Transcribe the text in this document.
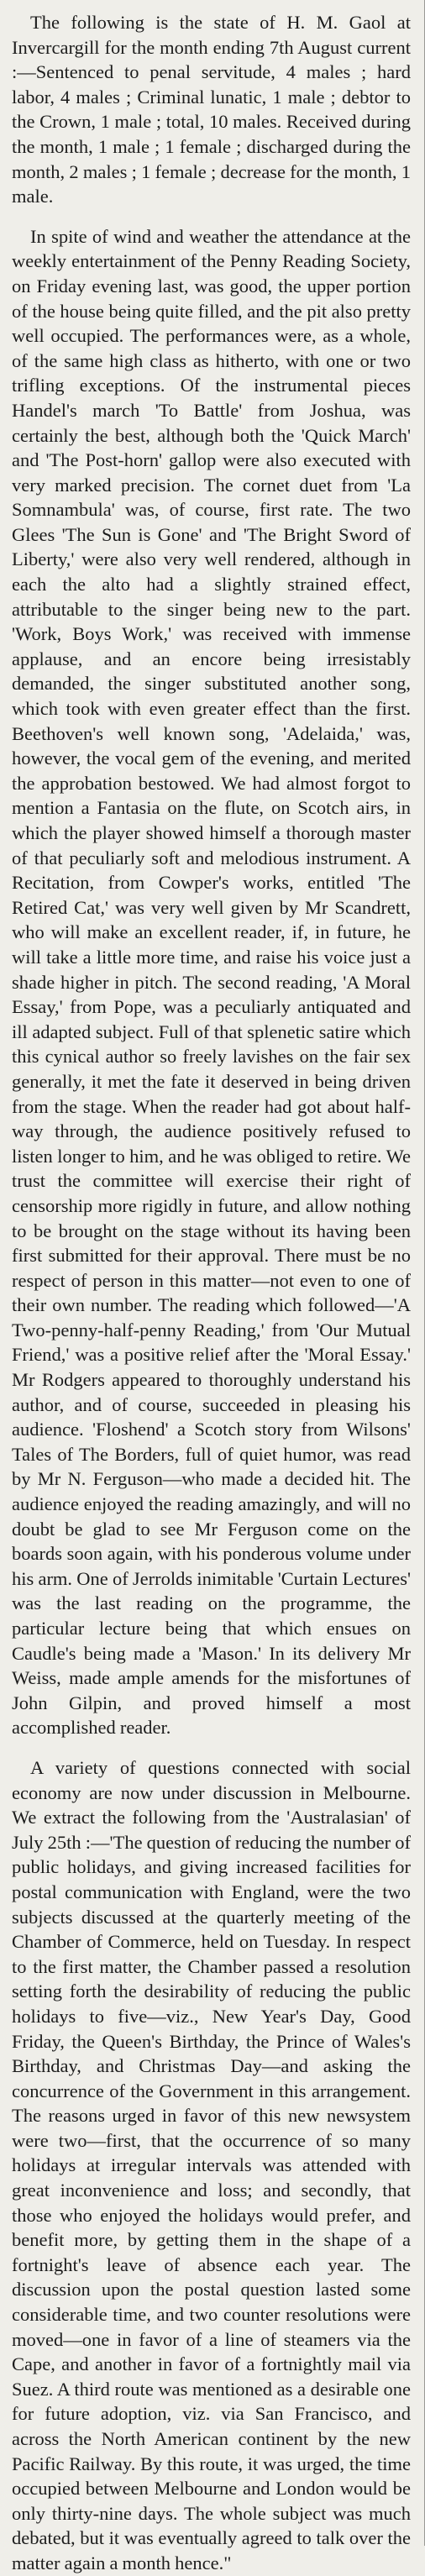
The following is the state of H. M. Gaol at Invercargill for the month ending 7th August current :—Sentenced to penal servitude, 4 males ; hard labor, 4 males ; Criminal lunatic, 1 male ; debtor to the Crown, 1 male ; total, 10 males. Received during the month, 1 male ; 1 female ; discharged during the month, 2 males ; 1 female ; decrease for the month, 1 male.

In spite of wind and weather the attendance at the weekly entertainment of the Penny Reading Society, on Friday evening last, was good, the upper portion of the house being quite filled, and the pit also pretty well occupied. The performances were, as a whole, of the same high class as hitherto, with one or two trifling exceptions. Of the instrumental pieces Handel's march 'To Battle' from Joshua, was certainly the best, although both the 'Quick March' and 'The Post-horn' gallop were also executed with very marked precision. The cornet duet from 'La Somnambula' was, of course, first rate. The two Glees 'The Sun is Gone' and 'The Bright Sword of Liberty,' were also very well rendered, although in each the alto had a slightly strained effect, attributable to the singer being new to the part. 'Work, Boys Work,' was received with immense applause, and an encore being irresistably demanded, the singer substituted another song, which took with even greater effect than the first. Beethoven's well known song, 'Adelaida,' was, however, the vocal gem of the evening, and merited the approbation bestowed. We had almost forgot to mention a Fantasia on the flute, on Scotch airs, in which the player showed himself a thorough master of that peculiarly soft and melodious instrument. A Recitation, from Cowper's works, entitled 'The Retired Cat,' was very well given by Mr Scandrett, who will make an excellent reader, if, in future, he will take a little more time, and raise his voice just a shade higher in pitch. The second reading, 'A Moral Essay,' from Pope, was a peculiarly antiquated and ill adapted subject. Full of that splenetic satire which this cynical author so freely lavishes on the fair sex generally, it met the fate it deserved in being driven from the stage. When the reader had got about half-way through, the audience positively refused to listen longer to him, and he was obliged to retire. We trust the committee will exercise their right of censorship more rigidly in future, and allow nothing to be brought on the stage without its having been first submitted for their approval. There must be no respect of person in this matter—not even to one of their own number. The reading which followed—'A Two-penny-half-penny Reading,' from 'Our Mutual Friend,' was a positive relief after the 'Moral Essay.' Mr Rodgers appeared to thoroughly understand his author, and of course, succeeded in pleasing his audience. 'Floshend' a Scotch story from Wilsons' Tales of The Borders, full of quiet humor, was read by Mr N. Ferguson—who made a decided hit. The audience enjoyed the reading amazingly, and will no doubt be glad to see Mr Ferguson come on the boards soon again, with his ponderous volume under his arm. One of Jerrolds inimitable 'Curtain Lectures' was the last reading on the programme, the particular lecture being that which ensues on Caudle's being made a 'Mason.' In its delivery Mr Weiss, made ample amends for the misfortunes of John Gilpin, and proved himself a most accomplished reader.

A variety of questions connected with social economy are now under discussion in Melbourne. We extract the following from the 'Australasian' of July 25th :—'The question of reducing the number of public holidays, and giving increased facilities for postal communication with England, were the two subjects discussed at the quarterly meeting of the Chamber of Commerce, held on Tuesday. In respect to the first matter, the Chamber passed a resolution setting forth the desirability of reducing the public holidays to five—viz., New Year's Day, Good Friday, the Queen's Birthday, the Prince of Wales's Birthday, and Christmas Day—and asking the concurrence of the Government in this arrangement. The reasons urged in favor of this new newsystem were two—first, that the occurrence of so many holidays at irregular intervals was attended with great inconvenience and loss; and secondly, that those who enjoyed the holidays would prefer, and benefit more, by getting them in the shape of a fortnight's leave of absence each year. The discussion upon the postal question lasted some considerable time, and two counter resolutions were moved—one in favor of a line of steamers via the Cape, and another in favor of a fortnightly mail via Suez. A third route was mentioned as a desirable one for future adoption, viz. via San Francisco, and across the North American continent by the new Pacific Railway. By this route, it was urged, the time occupied between Melbourne and London would be only thirty-nine days. The whole subject was much debated, but it was eventually agreed to talk over the matter again a month hence."
